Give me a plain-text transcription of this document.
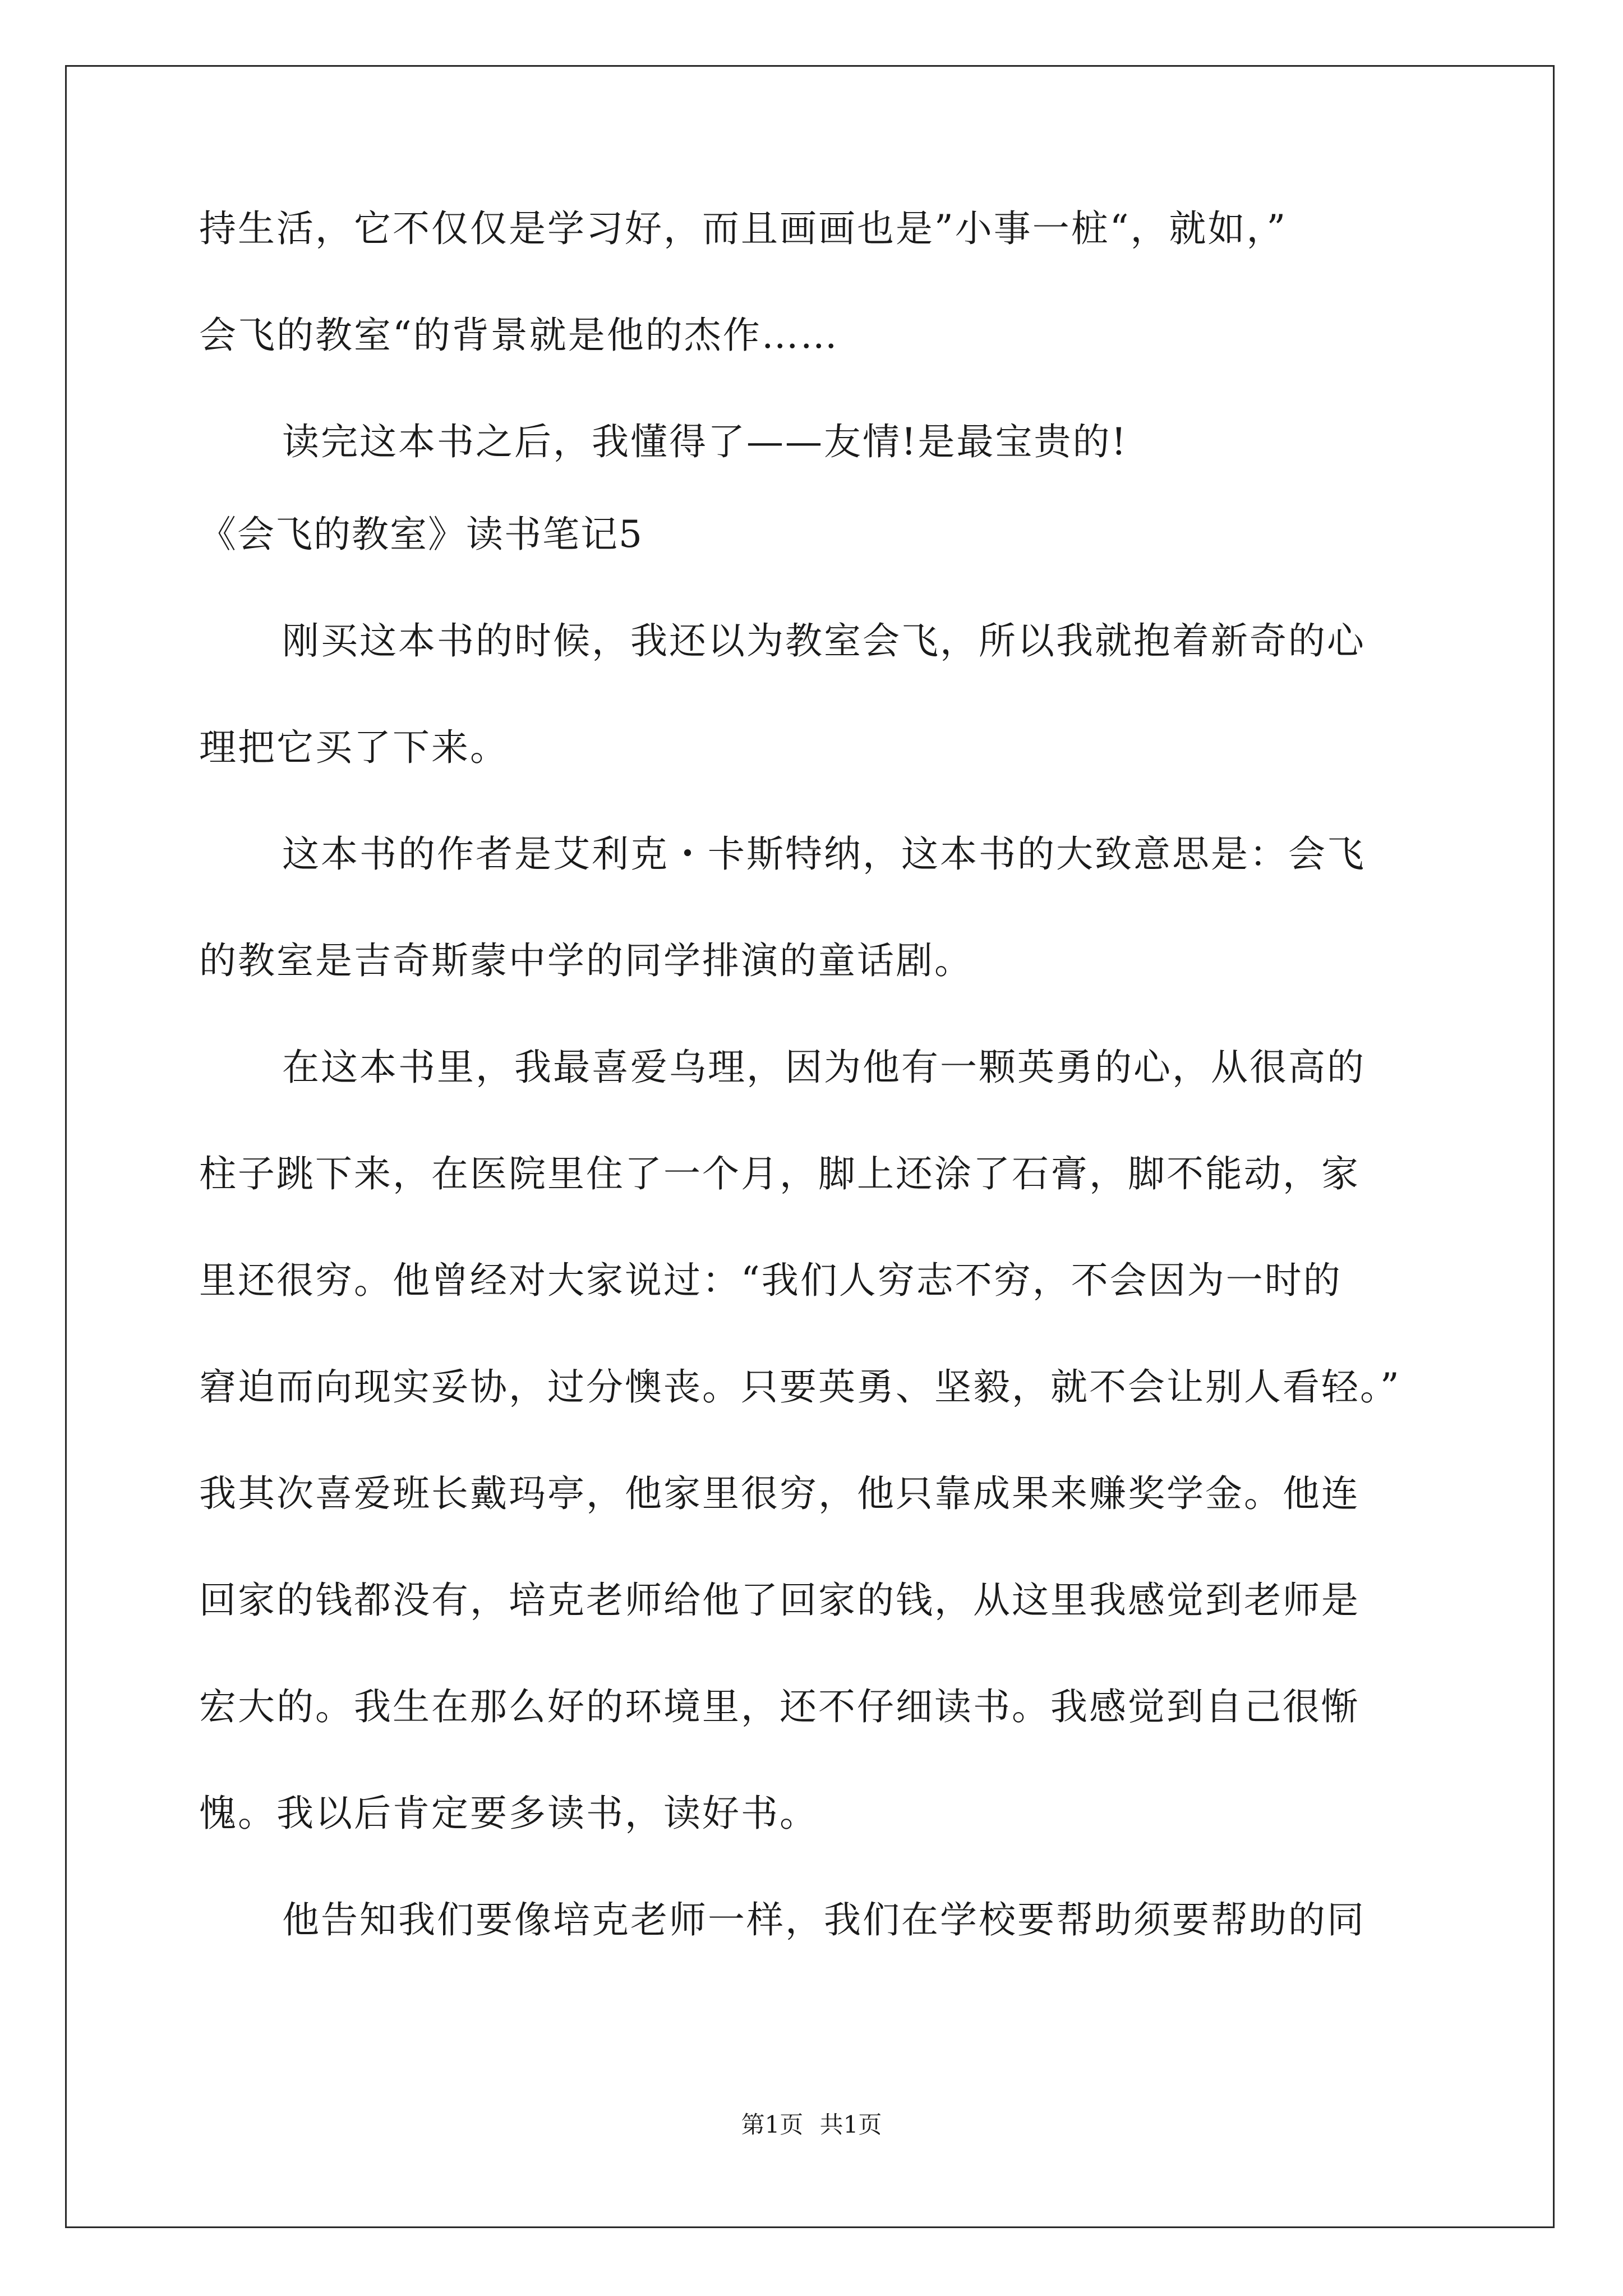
持生活，它不仅仅是学习好，而且画画也是”小事一桩“，就如，”
会飞的教室“的背景就是他的杰作……
读完这本书之后，我懂得了——友情!是最宝贵的!
《会飞的教室》读书笔记5
刚买这本书的时候，我还以为教室会飞，所以我就抱着新奇的心
理把它买了下来。
这本书的作者是艾利克・卡斯特纳，这本书的大致意思是：会飞
的教室是吉奇斯蒙中学的同学排演的童话剧。
在这本书里，我最喜爱乌理，因为他有一颗英勇的心，从很高的
柱子跳下来，在医院里住了一个月，脚上还涂了石膏，脚不能动，家
里还很穷。他曾经对大家说过：“我们人穷志不穷，不会因为一时的
窘迫而向现实妥协，过分懊丧。只要英勇、坚毅，就不会让别人看轻。”
我其次喜爱班长戴玛亭，他家里很穷，他只靠成果来赚奖学金。他连
回家的钱都没有，培克老师给他了回家的钱，从这里我感觉到老师是
宏大的。我生在那么好的环境里，还不仔细读书。我感觉到自己很惭
愧。我以后肯定要多读书，读好书。
他告知我们要像培克老师一样，我们在学校要帮助须要帮助的同
第1页 共1页
